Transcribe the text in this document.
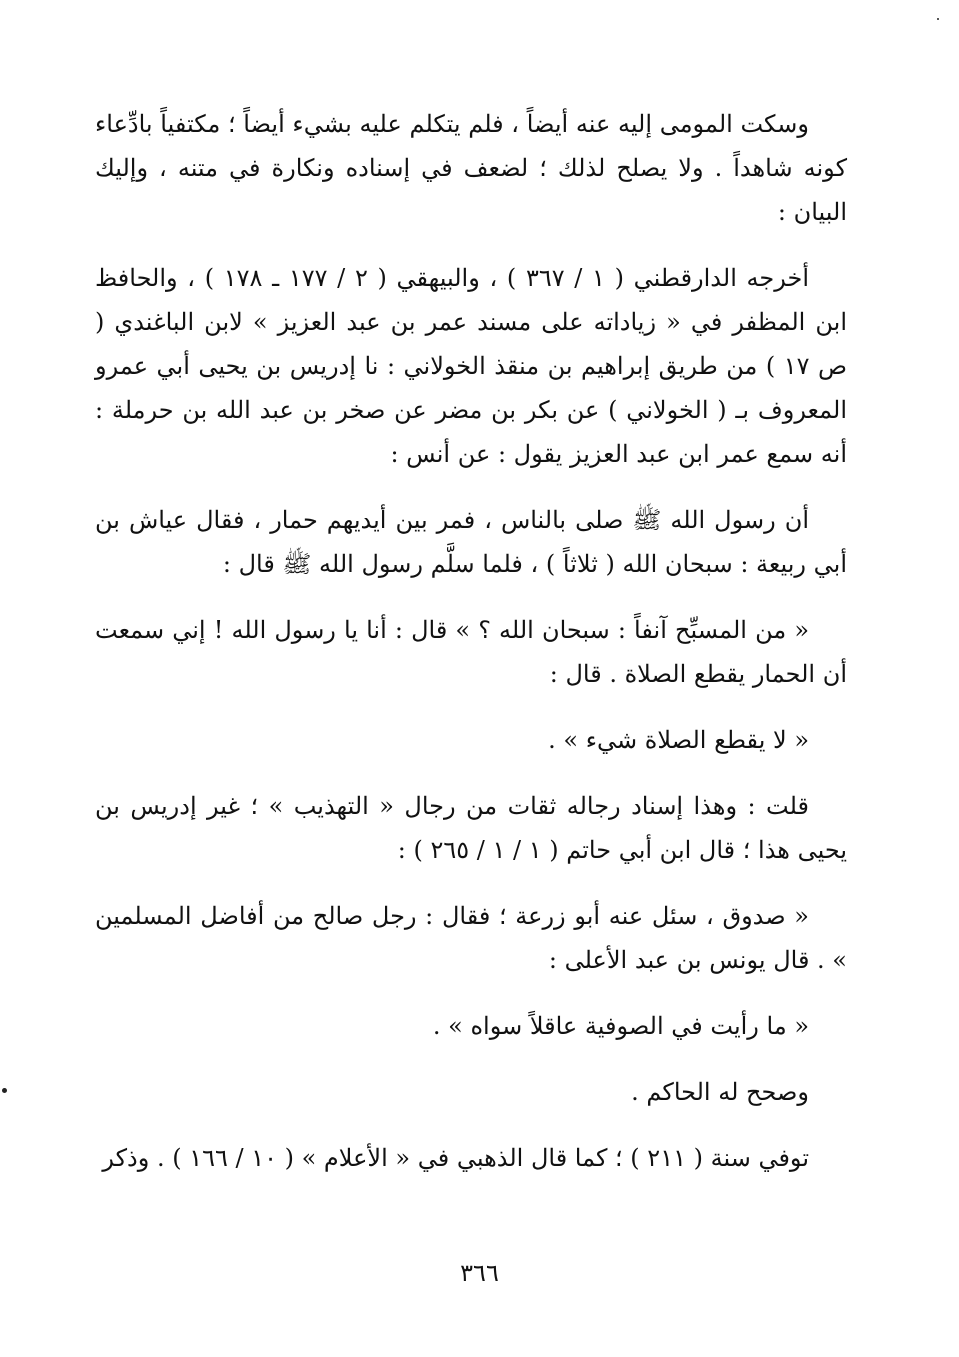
وسكت المومى إليه عنه أيضاً ، فلم يتكلم عليه بشيء أيضاً ؛ مكتفياً بادِّعاء كونه شاهداً . ولا يصلح لذلك ؛ لضعف في إسناده ونكارة في متنه ، وإليك البيان :

أخرجه الدارقطني ( ١ / ٣٦٧ ) ، والبيهقي ( ٢ / ١٧٧ ـ ١٧٨ ) ، والحافظ ابن المظفر في « زياداته على مسند عمر بن عبد العزيز » لابن الباغندي ( ص ١٧ ) من طريق إبراهيم بن منقذ الخولاني : نا إدريس بن يحيى أبي عمرو المعروف بـ ( الخولاني ) عن بكر بن مضر عن صخر بن عبد الله بن حرملة : أنه سمع عمر ابن عبد العزيز يقول : عن أنس :

أن رسول الله ﷺ صلى بالناس ، فمر بين أيديهم حمار ، فقال عياش بن أبي ربيعة : سبحان الله ( ثلاثاً ) ، فلما سلَّم رسول الله ﷺ قال :

« من المسبِّح آنفاً : سبحان الله ؟ » قال : أنا يا رسول الله ! إني سمعت أن الحمار يقطع الصلاة . قال :

« لا يقطع الصلاة شيء » .

قلت : وهذا إسناد رجاله ثقات من رجال « التهذيب » ؛ غير إدريس بن يحيى هذا ؛ قال ابن أبي حاتم ( ١ / ١ / ٢٦٥ ) :

« صدوق ، سئل عنه أبو زرعة ؛ فقال : رجل صالح من أفاضل المسلمين » . قال يونس بن عبد الأعلى :

« ما رأيت في الصوفية عاقلاً سواه » .

وصحح له الحاكم .

توفي سنة ( ٢١١ ) ؛ كما قال الذهبي في « الأعلام » ( ١٠ / ١٦٦ ) . وذكر

٣٦٦
